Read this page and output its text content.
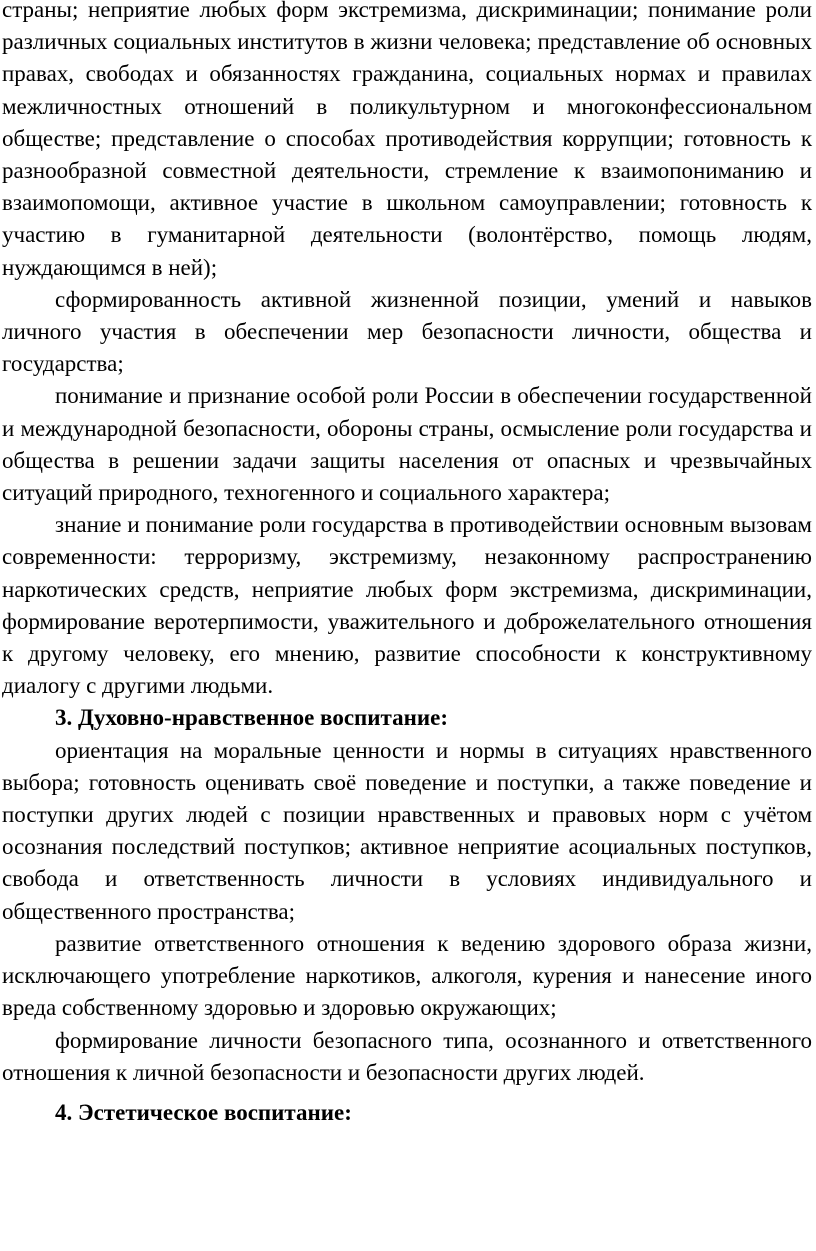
страны; неприятие любых форм экстремизма, дискриминации; понимание роли различных социальных институтов в жизни человека; представление об основных правах, свободах и обязанностях гражданина, социальных нормах и правилах межличностных отношений в поликультурном и многоконфессиональном обществе; представление о способах противодействия коррупции; готовность к разнообразной совместной деятельности, стремление к взаимопониманию и взаимопомощи, активное участие в школьном самоуправлении; готовность к участию в гуманитарной деятельности (волонтёрство, помощь людям, нуждающимся в ней);

сформированность активной жизненной позиции, умений и навыков личного участия в обеспечении мер безопасности личности, общества и государства;

понимание и признание особой роли России в обеспечении государственной и международной безопасности, обороны страны, осмысление роли государства и общества в решении задачи защиты населения от опасных и чрезвычайных ситуаций природного, техногенного и социального характера;

знание и понимание роли государства в противодействии основным вызовам современности: терроризму, экстремизму, незаконному распространению наркотических средств, неприятие любых форм экстремизма, дискриминации, формирование веротерпимости, уважительного и доброжелательного отношения к другому человеку, его мнению, развитие способности к конструктивному диалогу с другими людьми.

3. Духовно-нравственное воспитание:

ориентация на моральные ценности и нормы в ситуациях нравственного выбора; готовность оценивать своё поведение и поступки, а также поведение и поступки других людей с позиции нравственных и правовых норм с учётом осознания последствий поступков; активное неприятие асоциальных поступков, свобода и ответственность личности в условиях индивидуального и общественного пространства;

развитие ответственного отношения к ведению здорового образа жизни, исключающего употребление наркотиков, алкоголя, курения и нанесение иного вреда собственному здоровью и здоровью окружающих;

формирование личности безопасного типа, осознанного и ответственного отношения к личной безопасности и безопасности других людей.

4. Эстетическое воспитание:
